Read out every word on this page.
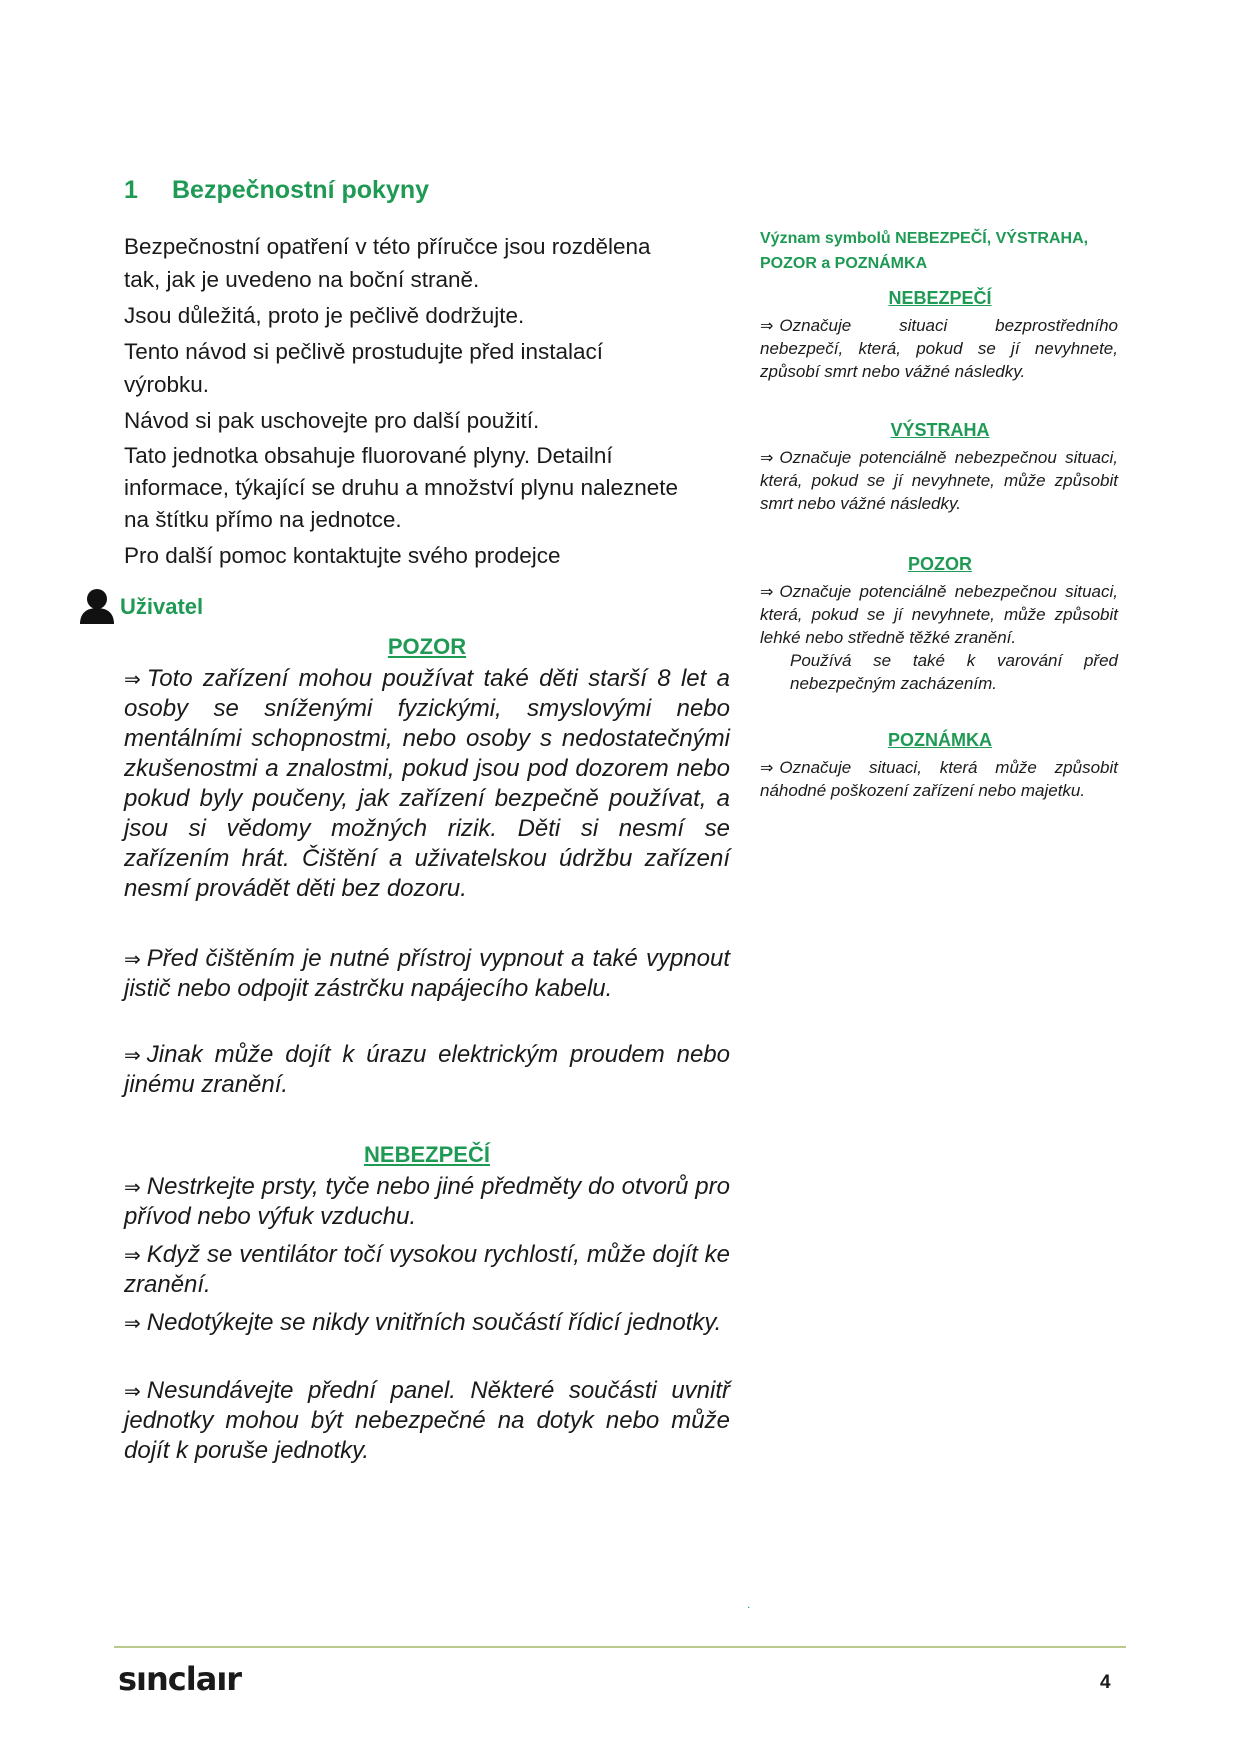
1 Bezpečnostní pokyny

Bezpečnostní opatření v této příručce jsou rozdělena tak, jak je uvedeno na boční straně.

Jsou důležitá, proto je pečlivě dodržujte.

Tento návod si pečlivě prostudujte před instalací výrobku.

Návod si pak uschovejte pro další použití.

Tato jednotka obsahuje fluorované plyny. Detailní informace, týkající se druhu a množství plynu naleznete na štítku přímo na jednotce.

Pro další pomoc kontaktujte svého prodejce

Uživatel
POZOR
⇒ Toto zařízení mohou používat také děti starší 8 let a osoby se sníženými fyzickými, smyslovými nebo mentálními schopnostmi, nebo osoby s nedostatečnými zkušenostmi a znalostmi, pokud jsou pod dozorem nebo pokud byly poučeny, jak zařízení bezpečně používat, a jsou si vědomy možných rizik. Děti si nesmí se zařízením hrát. Čištění a uživatelskou údržbu zařízení nesmí provádět děti bez dozoru.
⇒ Před čištěním je nutné přístroj vypnout a také vypnout jistič nebo odpojit zástrčku napájecího kabelu.
⇒ Jinak může dojít k úrazu elektrickým proudem nebo jinému zranění.
NEBEZPEČÍ
⇒ Nestrkejte prsty, tyče nebo jiné předměty do otvorů pro přívod nebo výfuk vzduchu.
⇒ Když se ventilátor točí vysokou rychlostí, může dojít ke zranění.
⇒ Nedotýkejte se nikdy vnitřních součástí řídicí jednotky.
⇒ Nesundávejte přední panel. Některé součásti uvnitř jednotky mohou být nebezpečné na dotyk nebo může dojít k poruše jednotky.
Význam symbolů NEBEZPEČÍ, VÝSTRAHA,
POZOR a POZNÁMKA
NEBEZPEČÍ
⇒ Označuje situaci bezprostředního nebezpečí, která, pokud se jí nevyhnete, způsobí smrt nebo vážné následky.
VÝSTRAHA
⇒ Označuje potenciálně nebezpečnou situaci, která, pokud se jí nevyhnete, může způsobit smrt nebo vážné následky.
POZOR
⇒ Označuje potenciálně nebezpečnou situaci, která, pokud se jí nevyhnete, může způsobit lehké nebo středně těžké zranění.
Používá se také k varování před nebezpečným zacházením.
POZNÁMKA
⇒ Označuje situaci, která může způsobit náhodné poškození zařízení nebo majetku.
.
sınclaır	4
